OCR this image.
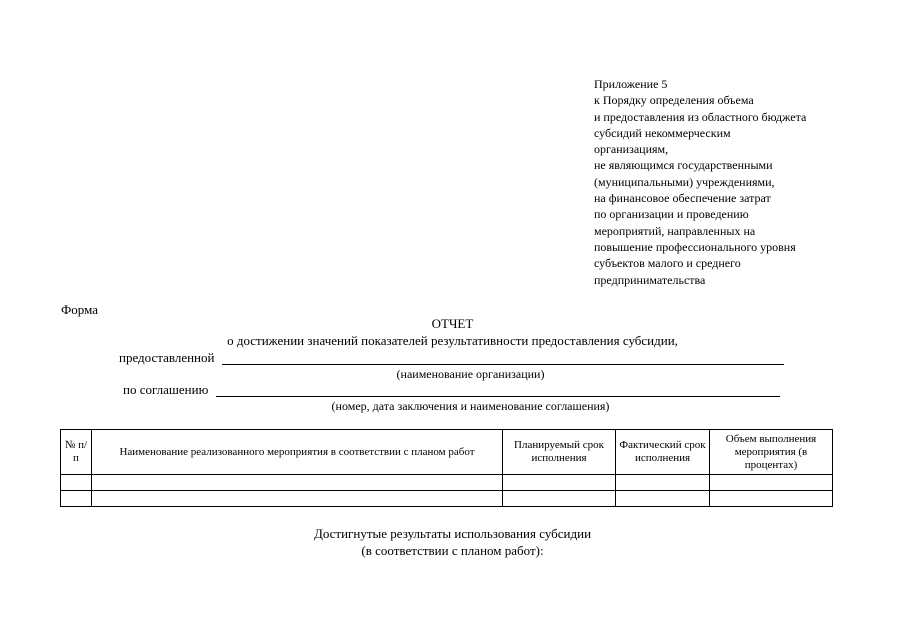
Приложение 5
к Порядку определения объема
и предоставления из областного бюджета
субсидий некоммерческим
организациям,
не являющимся государственными
(муниципальными) учреждениями,
на финансовое обеспечение затрат
по организации и проведению
мероприятий, направленных на
повышение профессионального уровня
субъектов малого и среднего
предпринимательства
Форма
ОТЧЕТ
о достижении значений показателей результативности предоставления субсидии,
предоставленной
(наименование организации)
по соглашению
(номер, дата заключения и наименование соглашения)
№ п/п	Наименование реализованного мероприятия в соответствии с планом работ	Планируемый срок исполнения	Фактический срок исполнения	Объем выполнения мероприятия (в процентах)

Достигнутые результаты использования субсидии
(в соответствии с планом работ):
